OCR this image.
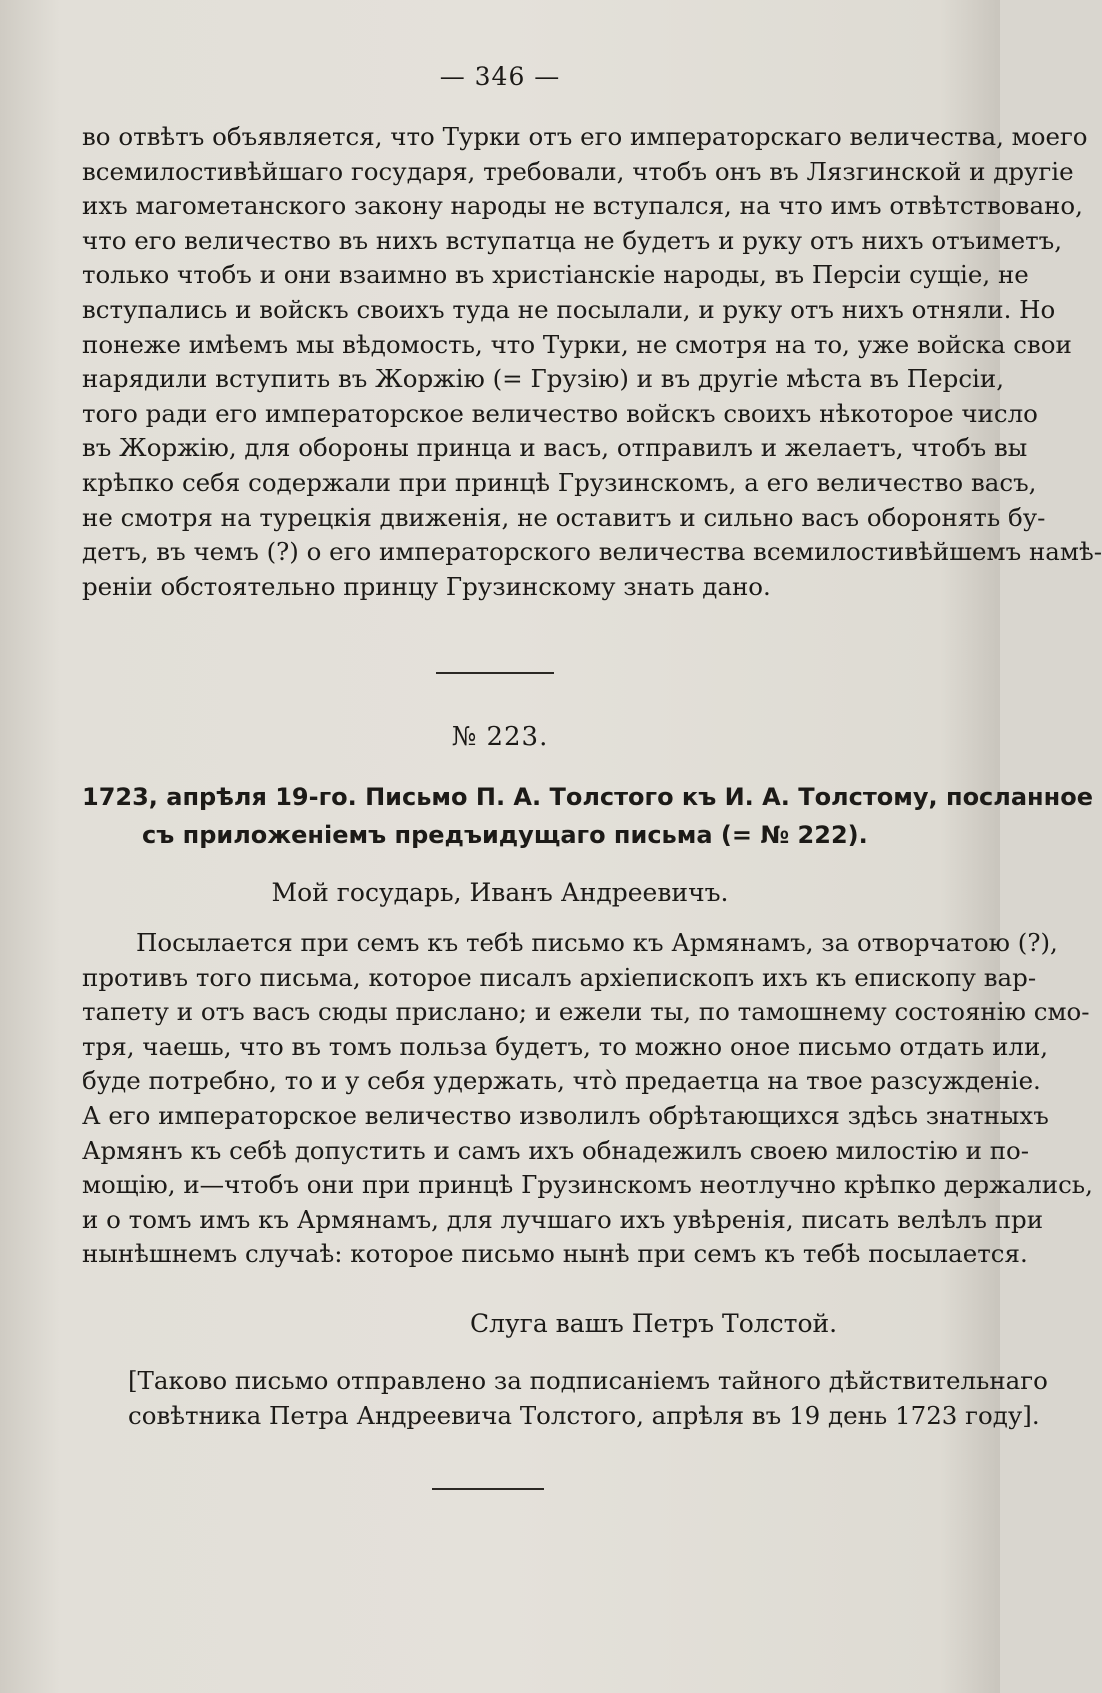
— 346 —
во отвѣтъ объявляется, что Турки отъ его императорскаго величества, моего
всемилостивѣйшаго государя, требовали, чтобъ онъ въ Лязгинской и другіе
ихъ магометанского закону народы не вступался, на что имъ отвѣтствовано,
что его величество въ нихъ вступатца не будетъ и руку отъ нихъ отъиметъ,
только чтобъ и они взаимно въ христіанскіе народы, въ Персіи сущіе, не
вступались и войскъ своихъ туда не посылали, и руку отъ нихъ отняли. Но
понеже имѣемъ мы вѣдомость, что Турки, не смотря на то, уже войска свои
нарядили вступить въ Жоржію (= Грузію) и въ другіе мѣста въ Персіи,
того ради его императорское величество войскъ своихъ нѣкоторое число
въ Жоржію, для обороны принца и васъ, отправилъ и желаетъ, чтобъ вы
крѣпко себя содержали при принцѣ Грузинскомъ, а его величество васъ,
не смотря на турецкія движенія, не оставитъ и сильно васъ оборонять бу-
детъ, въ чемъ (?) о его императорского величества всемилостивѣйшемъ намѣ-
реніи обстоятельно принцу Грузинскому знать дано.
№ 223.
1723, апрѣля 19-го. Письмо П. А. Толстого къ И. А. Толстому, посланное
съ приложеніемъ предъидущаго письма (= № 222).
Мой государь, Иванъ Андреевичъ.
Посылается при семъ къ тебѣ письмо къ Армянамъ, за отворчатою (?),
противъ того письма, которое писалъ архіепископъ ихъ къ епископу вар-
тапету и отъ васъ сюды прислано; и ежели ты, по тамошнему состоянію смо-
тря, чаешь, что въ томъ польза будетъ, то можно оное письмо отдать или,
буде потребно, то и у себя удержать, что̀ предаетца на твое разсужденіе.
А его императорское величество изволилъ обрѣтающихся здѣсь знатныхъ
Армянъ къ себѣ допустить и самъ ихъ обнадежилъ своею милостію и по-
мощію, и—чтобъ они при принцѣ Грузинскомъ неотлучно крѣпко держались,
и о томъ имъ къ Армянамъ, для лучшаго ихъ увѣренія, писать велѣлъ при
нынѣшнемъ случаѣ: которое письмо нынѣ при семъ къ тебѣ посылается.
Слуга вашъ Петръ Толстой.
[Таково письмо отправлено за подписаніемъ тайного дѣйствительнаго
совѣтника Петра Андреевича Толстого, апрѣля въ 19 день 1723 году].
